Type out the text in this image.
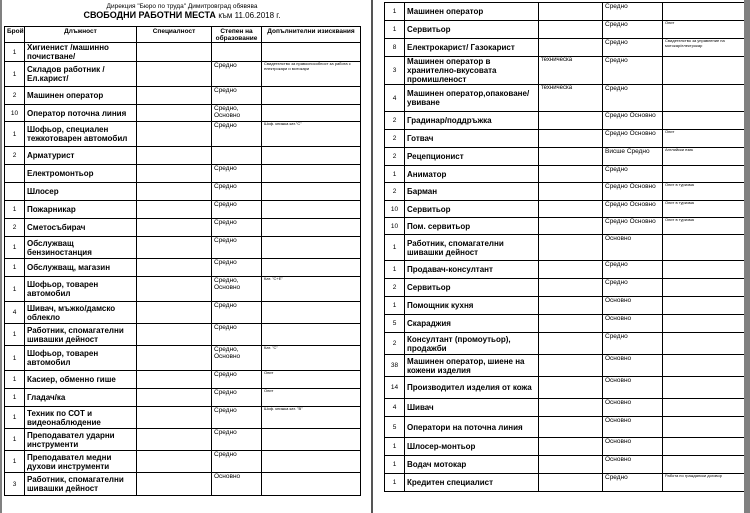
Дирекция "Бюро по труда" Димитровград обявява
СВОБОДНИ РАБОТНИ МЕСТА към 11.06.2018 г.
Брой	Длъжност	Специалност	Степен на образование	Допълнителни изисквания
1	Хигиенист /машинно почистване/			
1	Складов работник /Ел.карист/		Средно	Свидетелство за правоспособност за работа с електрокари и мотокари
2	Машинен оператор		Средно	
10	Оператор поточна линия		Средно, Основно	
1	Шофьор, специален тежкотоварен автомобил		Средно	Шоф. книжка кат."С"
2	Арматурист			
	Електромонтьор		Средно	
	Шлосер		Средно	
1	Пожарникар		Средно	
2	Сметосъбирач		Средно	
1	Обслужващ бензиностанция		Средно	
1	Обслужващ, магазин		Средно	
1	Шофьор, товарен автомобил		Средно, Основно	Кат. "C+E"
4	Шивач, мъжко/дамско облекло		Средно	
1	Работник, спомагателни шивашки дейност		Средно	
1	Шофьор, товарен автомобил		Средно, Основно	Кат. "C"
1	Касиер, обменно гише		Средно	Опит
1	Гладач/ка		Средно	Опит
1	Техник по СОТ и видеонаблюдение		Средно	Шоф. книжка кат. "B"
1	Преподавател ударни инструменти		Средно	
1	Преподавател медни духови инструменти		Средно	
3	Работник, спомагателни шивашки дейност		Основно	
1	Машинен оператор		Средно	
1	Сервитьор		Средно	Опит
8	Електрокарист/ Газокарист		Средно	Свидетелство за управление на мотокар/електрокар
3	Машинен оператор в хранително-вкусовата промишленост	техническа	Средно	
4	Машинен оператор,опаковане/ увиване	техническа	Средно	
2	Градинар/поддръжка		Средно Основно	
2	Готвач		Средно Основно	Опит
2	Рецепционист		Висше Средно	Английски език
1	Аниматор		Средно	
2	Барман		Средно Основно	Опит в туризма
10	Сервитьор		Средно Основно	Опит в туризма
10	Пом. сервитьор		Средно Основно	Опит в туризма
1	Работник, спомагателни шивашки дейност		Основно	
1	Продавач-консултант		Средно	
2	Сервитьор		Средно	
1	Помощник кухня		Основно	
5	Скараджия		Основно	
2	Консултант (промоутьор), продажби		Средно	
38	Машинен оператор, шиене на кожени изделия		Основно	
14	Производител изделия от кожа		Основно	
4	Шивач		Основно	
5	Оператори на поточна линия		Основно	
1	Шлосер-монтьор		Основно	
1	Водач мотокар		Основно	
1	Кредитен специалист		Средно	Работа по граждански договор
